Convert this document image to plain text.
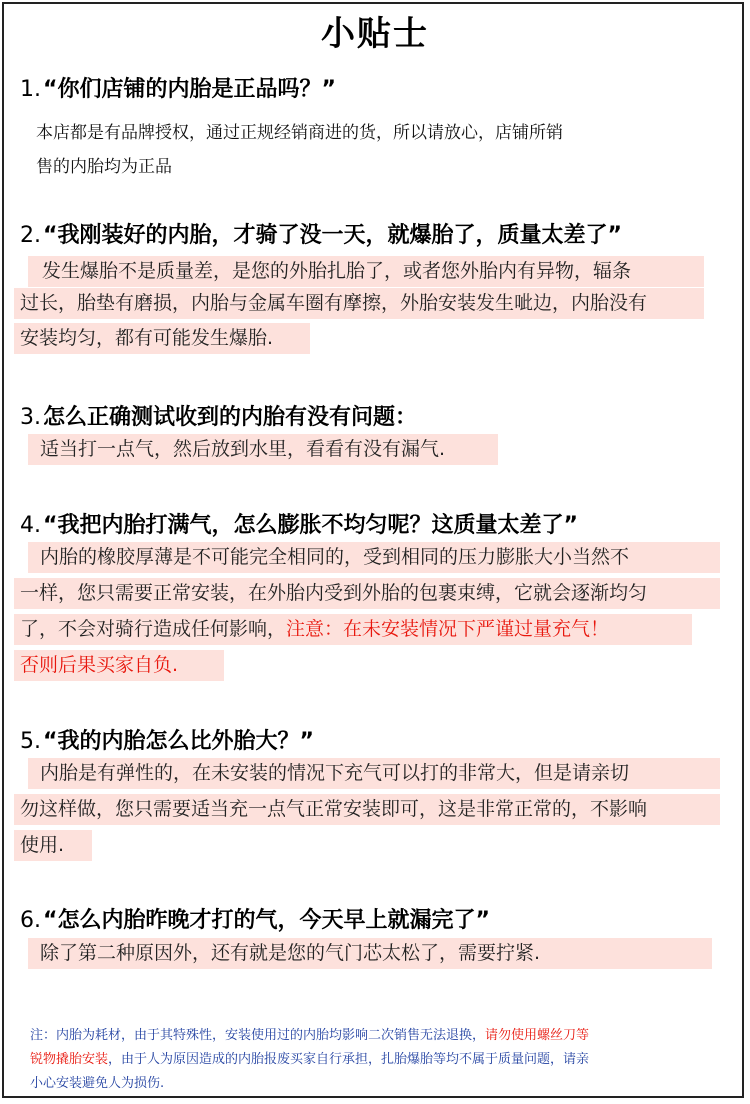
小贴士
1.“你们店铺的内胎是正品吗？”
本店都是有品牌授权，通过正规经销商进的货，所以请放心，店铺所销
售的内胎均为正品
2.“我刚装好的内胎，才骑了没一天，就爆胎了，质量太差了”
发生爆胎不是质量差，是您的外胎扎胎了，或者您外胎内有异物，辐条
过长，胎垫有磨损，内胎与金属车圈有摩擦，外胎安装发生呲边，内胎没有
安装均匀，都有可能发生爆胎.
3.怎么正确测试收到的内胎有没有问题：
适当打一点气，然后放到水里，看看有没有漏气.
4.“我把内胎打满气，怎么膨胀不均匀呢？这质量太差了”
内胎的橡胶厚薄是不可能完全相同的，受到相同的压力膨胀大小当然不
一样，您只需要正常安装，在外胎内受到外胎的包裹束缚，它就会逐渐均匀
了，不会对骑行造成任何影响，注意：在未安装情况下严谨过量充气！
否则后果买家自负.
5.“我的内胎怎么比外胎大？”
内胎是有弹性的，在未安装的情况下充气可以打的非常大，但是请亲切
勿这样做，您只需要适当充一点气正常安装即可，这是非常正常的，不影响
使用.
6.“怎么内胎昨晚才打的气，今天早上就漏完了”
除了第二种原因外，还有就是您的气门芯太松了，需要拧紧.
注：内胎为耗材，由于其特殊性，安装使用过的内胎均影响二次销售无法退换，请勿使用螺丝刀等
锐物撬胎安装，由于人为原因造成的内胎报废买家自行承担，扎胎爆胎等均不属于质量问题，请亲
小心安装避免人为损伤.
